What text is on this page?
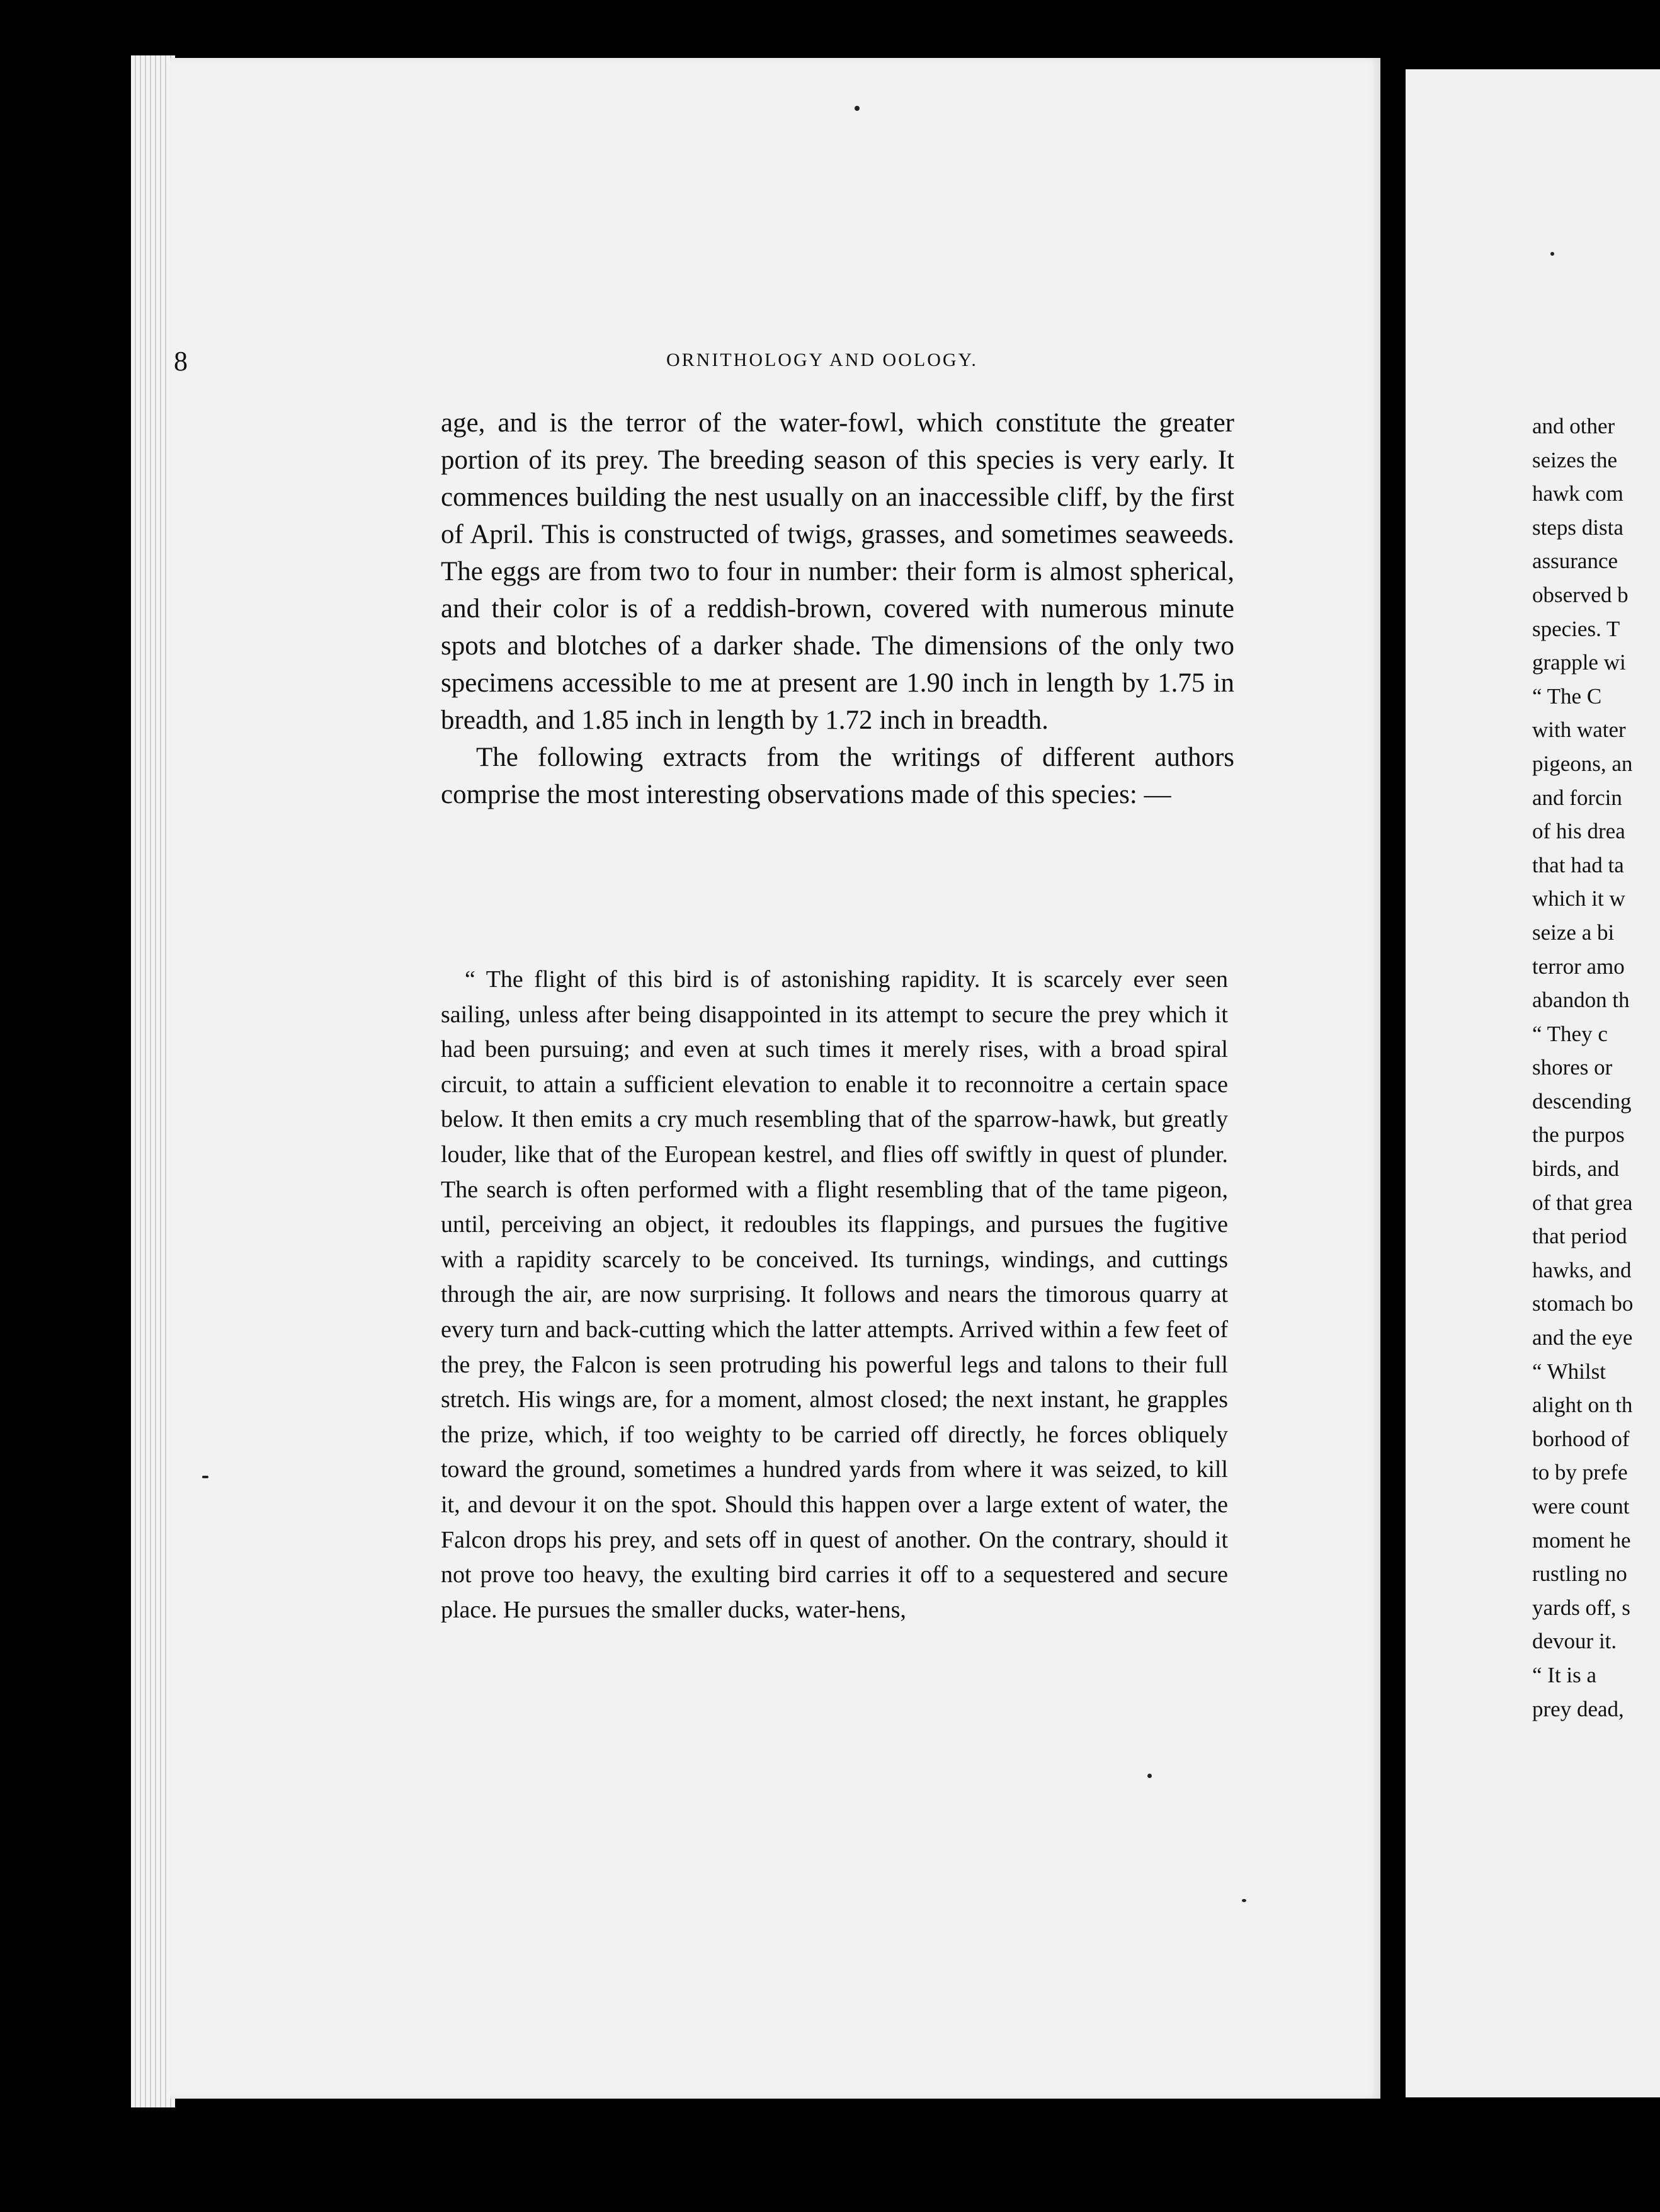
8	ORNITHOLOGY AND OOLOGY.

age, and is the terror of the water-fowl, which constitute the greater portion of its prey. The breeding season of this species is very early. It commences building the nest usually on an inaccessible cliff, by the first of April. This is constructed of twigs, grasses, and sometimes seaweeds. The eggs are from two to four in number: their form is almost spherical, and their color is of a reddish-brown, covered with numerous minute spots and blotches of a darker shade. The dimensions of the only two specimens accessible to me at present are 1.90 inch in length by 1.75 in breadth, and 1.85 inch in length by 1.72 inch in breadth.

The following extracts from the writings of different authors comprise the most interesting observations made of this species: —

“ The flight of this bird is of astonishing rapidity. It is scarcely ever seen sailing, unless after being disappointed in its attempt to secure the prey which it had been pursuing; and even at such times it merely rises, with a broad spiral circuit, to attain a sufficient elevation to enable it to reconnoitre a certain space below. It then emits a cry much resembling that of the sparrow-hawk, but greatly louder, like that of the European kestrel, and flies off swiftly in quest of plunder. The search is often performed with a flight resembling that of the tame pigeon, until, perceiving an object, it redoubles its flappings, and pursues the fugitive with a rapidity scarcely to be conceived. Its turnings, windings, and cuttings through the air, are now surprising. It follows and nears the timorous quarry at every turn and back-cutting which the latter attempts. Arrived within a few feet of the prey, the Falcon is seen protruding his powerful legs and talons to their full stretch. His wings are, for a moment, almost closed; the next instant, he grapples the prize, which, if too weighty to be carried off directly, he forces obliquely toward the ground, sometimes a hundred yards from where it was seized, to kill it, and devour it on the spot. Should this happen over a large extent of water, the Falcon drops his prey, and sets off in quest of another. On the contrary, should it not prove too heavy, the exulting bird carries it off to a sequestered and secure place. He pursues the smaller ducks, water-hens,
and other
seizes the
hawk com
steps dista
assurance
observed b
species. T
grapple wi
“ The C
with water
pigeons, an
and forcin
of his drea
that had ta
which it w
seize a bi
terror amo
abandon th
“ They c
shores or
descending
the purpos
birds, and
of that grea
that period
hawks, and
stomach bo
and the eye
“ Whilst
alight on th
borhood of
to by prefe
were count
moment he
rustling no
yards off, s
devour it.
“ It is a
prey dead,
